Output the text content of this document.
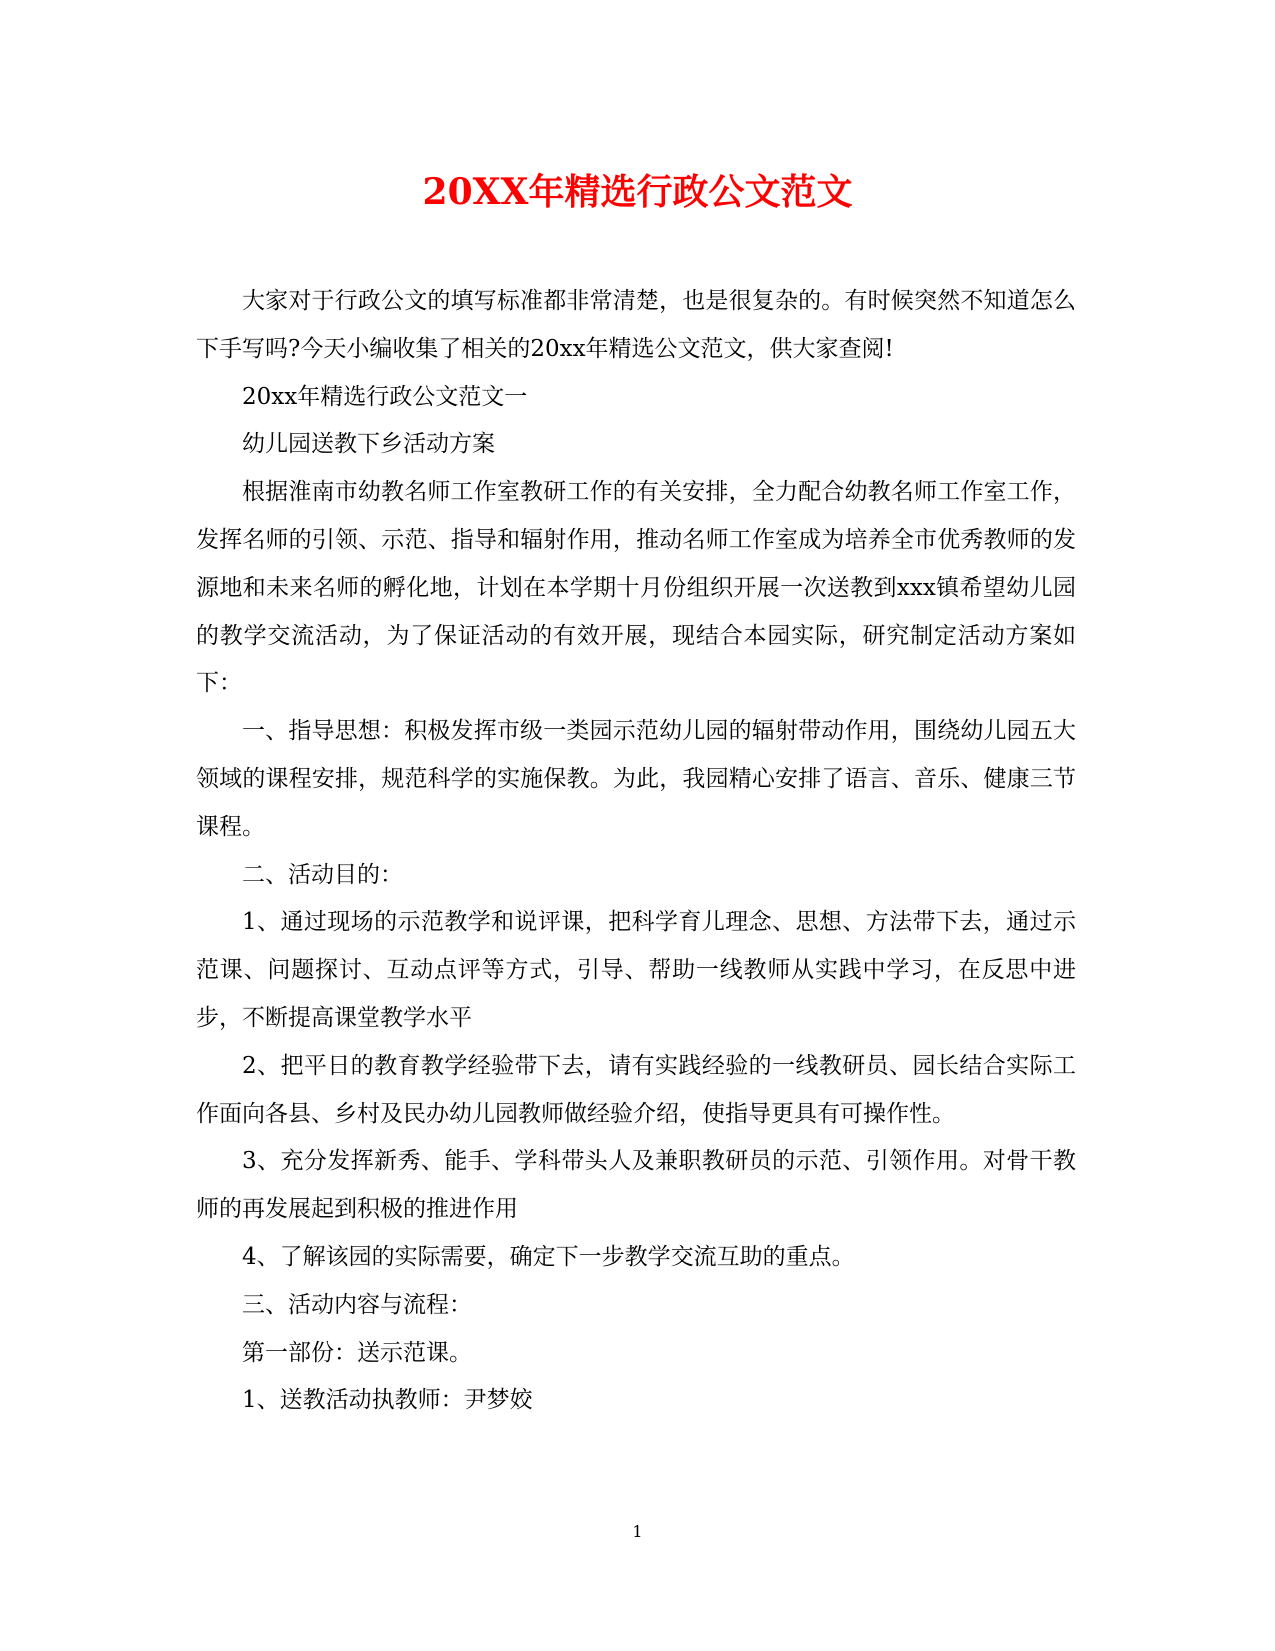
20XX年精选行政公文范文

大家对于行政公文的填写标准都非常清楚，也是很复杂的。有时候突然不知道怎么下手写吗?今天小编收集了相关的20xx年精选公文范文，供大家查阅!

20xx年精选行政公文范文一

幼儿园送教下乡活动方案

根据淮南市幼教名师工作室教研工作的有关安排，全力配合幼教名师工作室工作，发挥名师的引领、示范、指导和辐射作用，推动名师工作室成为培养全市优秀教师的发源地和未来名师的孵化地，计划在本学期十月份组织开展一次送教到xxx镇希望幼儿园的教学交流活动，为了保证活动的有效开展，现结合本园实际，研究制定活动方案如下：

一、指导思想：积极发挥市级一类园示范幼儿园的辐射带动作用，围绕幼儿园五大领域的课程安排，规范科学的实施保教。为此，我园精心安排了语言、音乐、健康三节课程。

二、活动目的：

1、通过现场的示范教学和说评课，把科学育儿理念、思想、方法带下去，通过示范课、问题探讨、互动点评等方式，引导、帮助一线教师从实践中学习，在反思中进步，不断提高课堂教学水平

2、把平日的教育教学经验带下去，请有实践经验的一线教研员、园长结合实际工作面向各县、乡村及民办幼儿园教师做经验介绍，使指导更具有可操作性。

3、充分发挥新秀、能手、学科带头人及兼职教研员的示范、引领作用。对骨干教师的再发展起到积极的推进作用

4、了解该园的实际需要，确定下一步教学交流互助的重点。

三、活动内容与流程：

第一部份：送示范课。

1、送教活动执教师：尹梦姣

1
